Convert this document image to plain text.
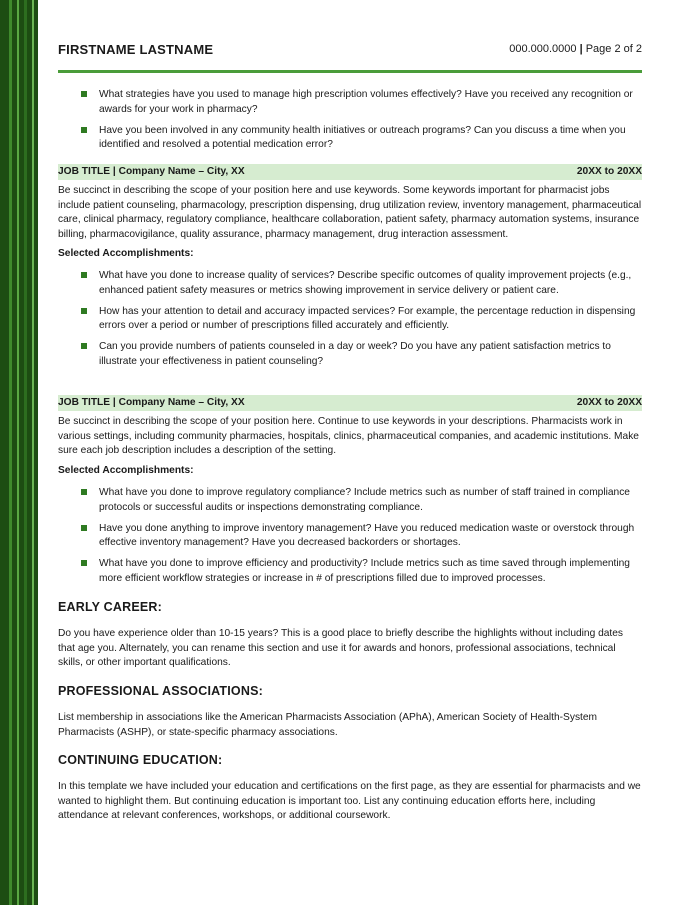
FIRSTNAME LASTNAME	000.000.0000 | Page 2 of 2
What strategies have you used to manage high prescription volumes effectively? Have you received any recognition or awards for your work in pharmacy?
Have you been involved in any community health initiatives or outreach programs? Can you discuss a time when you identified and resolved a potential medication error?
JOB TITLE | Company Name – City, XX	20XX to 20XX
Be succinct in describing the scope of your position here and use keywords. Some keywords important for pharmacist jobs include patient counseling, pharmacology, prescription dispensing, drug utilization review, inventory management, pharmaceutical care, clinical pharmacy, regulatory compliance, healthcare collaboration, patient safety, pharmacy automation systems, insurance billing, pharmacovigilance, quality assurance, pharmacy management, drug interaction assessment.
Selected Accomplishments:
What have you done to increase quality of services? Describe specific outcomes of quality improvement projects (e.g., enhanced patient safety measures or metrics showing improvement in service delivery or patient care.
How has your attention to detail and accuracy impacted services? For example, the percentage reduction in dispensing errors over a period or number of prescriptions filled accurately and efficiently.
Can you provide numbers of patients counseled in a day or week? Do you have any patient satisfaction metrics to illustrate your effectiveness in patient counseling?
JOB TITLE | Company Name – City, XX	20XX to 20XX
Be succinct in describing the scope of your position here. Continue to use keywords in your descriptions. Pharmacists work in various settings, including community pharmacies, hospitals, clinics, pharmaceutical companies, and academic institutions. Make sure each job description includes a description of the setting.
Selected Accomplishments:
What have you done to improve regulatory compliance? Include metrics such as number of staff trained in compliance protocols or successful audits or inspections demonstrating compliance.
Have you done anything to improve inventory management? Have you reduced medication waste or overstock through effective inventory management? Have you decreased backorders or shortages.
What have you done to improve efficiency and productivity? Include metrics such as time saved through implementing more efficient workflow strategies or increase in # of prescriptions filled due to improved processes.
EARLY CAREER:
Do you have experience older than 10-15 years? This is a good place to briefly describe the highlights without including dates that age you. Alternately, you can rename this section and use it for awards and honors, professional associations, technical skills, or other important qualifications.
PROFESSIONAL ASSOCIATIONS:
List membership in associations like the American Pharmacists Association (APhA), American Society of Health-System Pharmacists (ASHP), or state-specific pharmacy associations.
CONTINUING EDUCATION:
In this template we have included your education and certifications on the first page, as they are essential for pharmacists and we wanted to highlight them. But continuing education is important too. List any continuing education efforts here, including attendance at relevant conferences, workshops, or additional coursework.
